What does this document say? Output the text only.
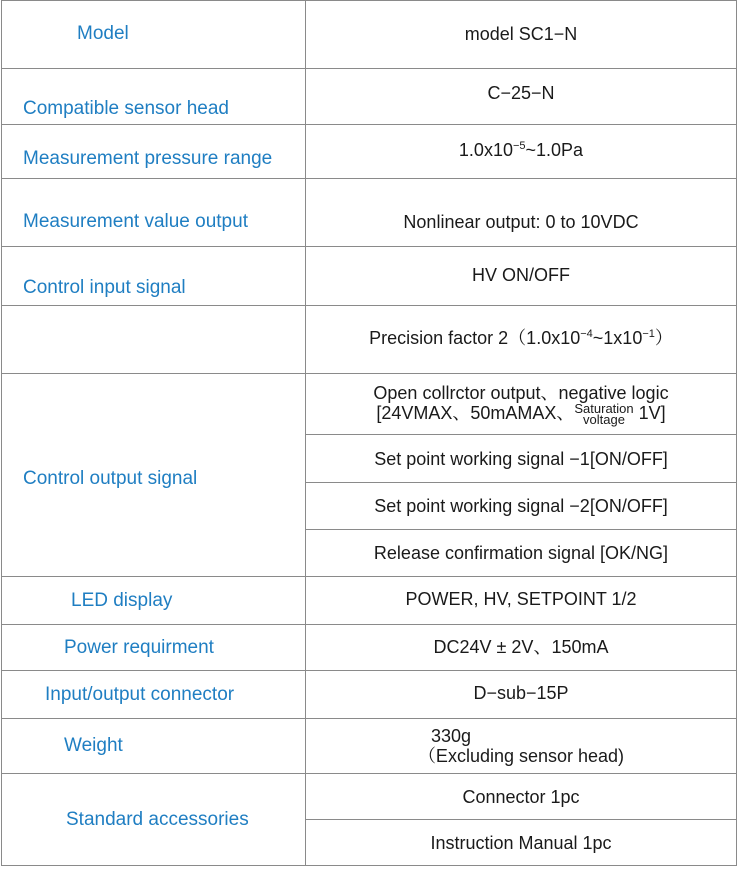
Model	model SC1−N
Compatible sensor head	C−25−N
Measurement pressure range	$1.0x10^{-5}\sim 1.0Pa$
Measurement value output	Nonlinear output: 0 to 10VDC
Control input signal	HV ON/OFF
	Precision factor $2(1.0x10^{-4}\sim 1x10^{-1})$
Control output signal	Open collrctor output、negative logic
[24VMAX、50mAMAX、 Saturation
voltage 1V]

	Set point working signal −1[ON/OFF]
	Set point working signal −2[ON/OFF]
	Release confirmation signal [OK/NG]
LED display	POWER, HV, SETPOINT 1/2
Power requirment	DC24V ± 2V、150mA
Input/output connector	D−sub−15P
Weight	330g
（Excluding sensor head)

Standard accessories	Connector 1pc
	Instruction Manual 1pc
